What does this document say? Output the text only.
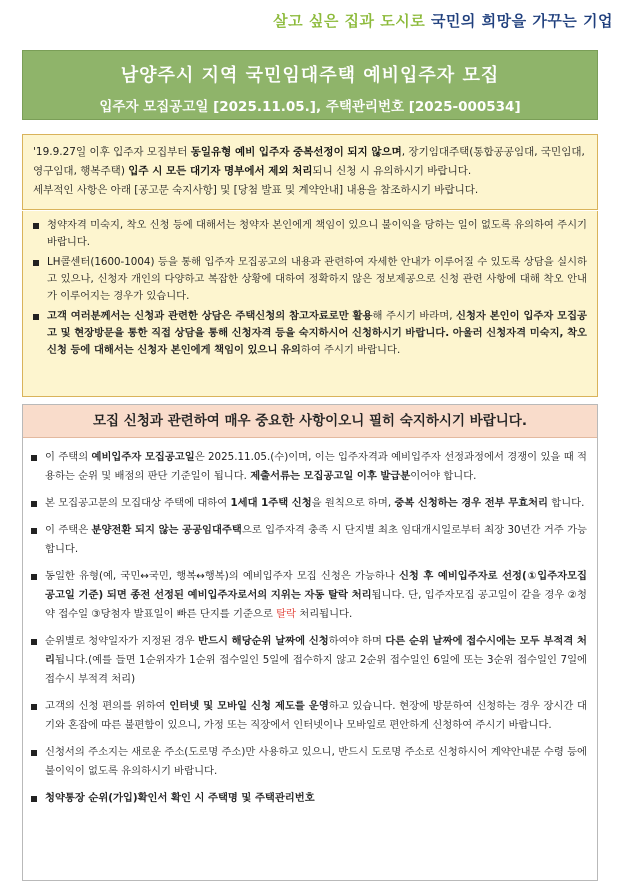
살고 싶은 집과 도시로 국민의 희망을 가꾸는 기업
남양주시 지역 국민임대주택 예비입주자 모집
입주자 모집공고일 [2025.11.05.], 주택관리번호 [2025-000534]
'19.9.27일 이후 입주자 모집부터 동일유형 예비 입주자 중복선정이 되지 않으며, 장기임대주택(통합공공임대, 국민임대, 영구임대, 행복주택) 입주 시 모든 대기자 명부에서 제외 처리되니 신청 시 유의하시기 바랍니다.
세부적인 사항은 아래 [공고문 숙지사항] 및 [당첨 발표 및 계약안내] 내용을 참조하시기 바랍니다.
청약자격 미숙지, 착오 신청 등에 대해서는 청약자 본인에게 책임이 있으니 불이익을 당하는 일이 없도록 유의하여 주시기 바랍니다.
LH콜센터(1600-1004) 등을 통해 입주자 모집공고의 내용과 관련하여 자세한 안내가 이루어질 수 있도록 상담을 실시하고 있으나, 신청자 개인의 다양하고 복잡한 상황에 대하여 정확하지 않은 정보제공으로 신청 관련 사항에 대해 착오 안내가 이루어지는 경우가 있습니다.
고객 여러분께서는 신청과 관련한 상담은 주택신청의 참고자료로만 활용해 주시기 바라며, 신청자 본인이 입주자 모집공고 및 현장방문을 통한 직접 상담을 통해 신청자격 등을 숙지하시어 신청하시기 바랍니다. 아울러 신청자격 미숙지, 착오 신청 등에 대해서는 신청자 본인에게 책임이 있으니 유의하여 주시기 바랍니다.
모집 신청과 관련하여 매우 중요한 사항이오니 필히 숙지하시기 바랍니다.
이 주택의 예비입주자 모집공고일은 2025.11.05.(수)이며, 이는 입주자격과 예비입주자 선정과정에서 경쟁이 있을 때 적용하는 순위 및 배점의 판단 기준일이 됩니다. 제출서류는 모집공고일 이후 발급분이어야 합니다.
본 모집공고문의 모집대상 주택에 대하여 1세대 1주택 신청을 원칙으로 하며, 중복 신청하는 경우 전부 무효처리 합니다.
이 주택은 분양전환 되지 않는 공공임대주택으로 입주자격 충족 시 단지별 최초 임대개시일로부터 최장 30년간 거주 가능합니다.
동일한 유형(예, 국민↔국민, 행복↔행복)의 예비입주자 모집 신청은 가능하나 신청 후 예비입주자로 선정(①입주자모집 공고일 기준) 되면 종전 선정된 예비입주자로서의 지위는 자동 탈락 처리됩니다. 단, 입주자모집 공고일이 같을 경우 ②청약 접수일 ③당첨자 발표일이 빠른 단지를 기준으로 탈락 처리됩니다.
순위별로 청약일자가 지정된 경우 반드시 해당순위 날짜에 신청하여야 하며 다른 순위 날짜에 접수시에는 모두 부적격 처리됩니다.(예를 들면 1순위자가 1순위 접수일인 5일에 접수하지 않고 2순위 접수일인 6일에 또는 3순위 접수일인 7일에 접수시 부적격 처리)
고객의 신청 편의를 위하여 인터넷 및 모바일 신청 제도를 운영하고 있습니다. 현장에 방문하여 신청하는 경우 장시간 대기와 혼잡에 따른 불편함이 있으니, 가정 또는 직장에서 인터넷이나 모바일로 편안하게 신청하여 주시기 바랍니다.
신청서의 주소지는 새로운 주소(도로명 주소)만 사용하고 있으니, 반드시 도로명 주소로 신청하시어 계약안내문 수령 등에 불이익이 없도록 유의하시기 바랍니다.
청약통장 순위(가입)확인서 확인 시 주택명 및 주택관리번호
